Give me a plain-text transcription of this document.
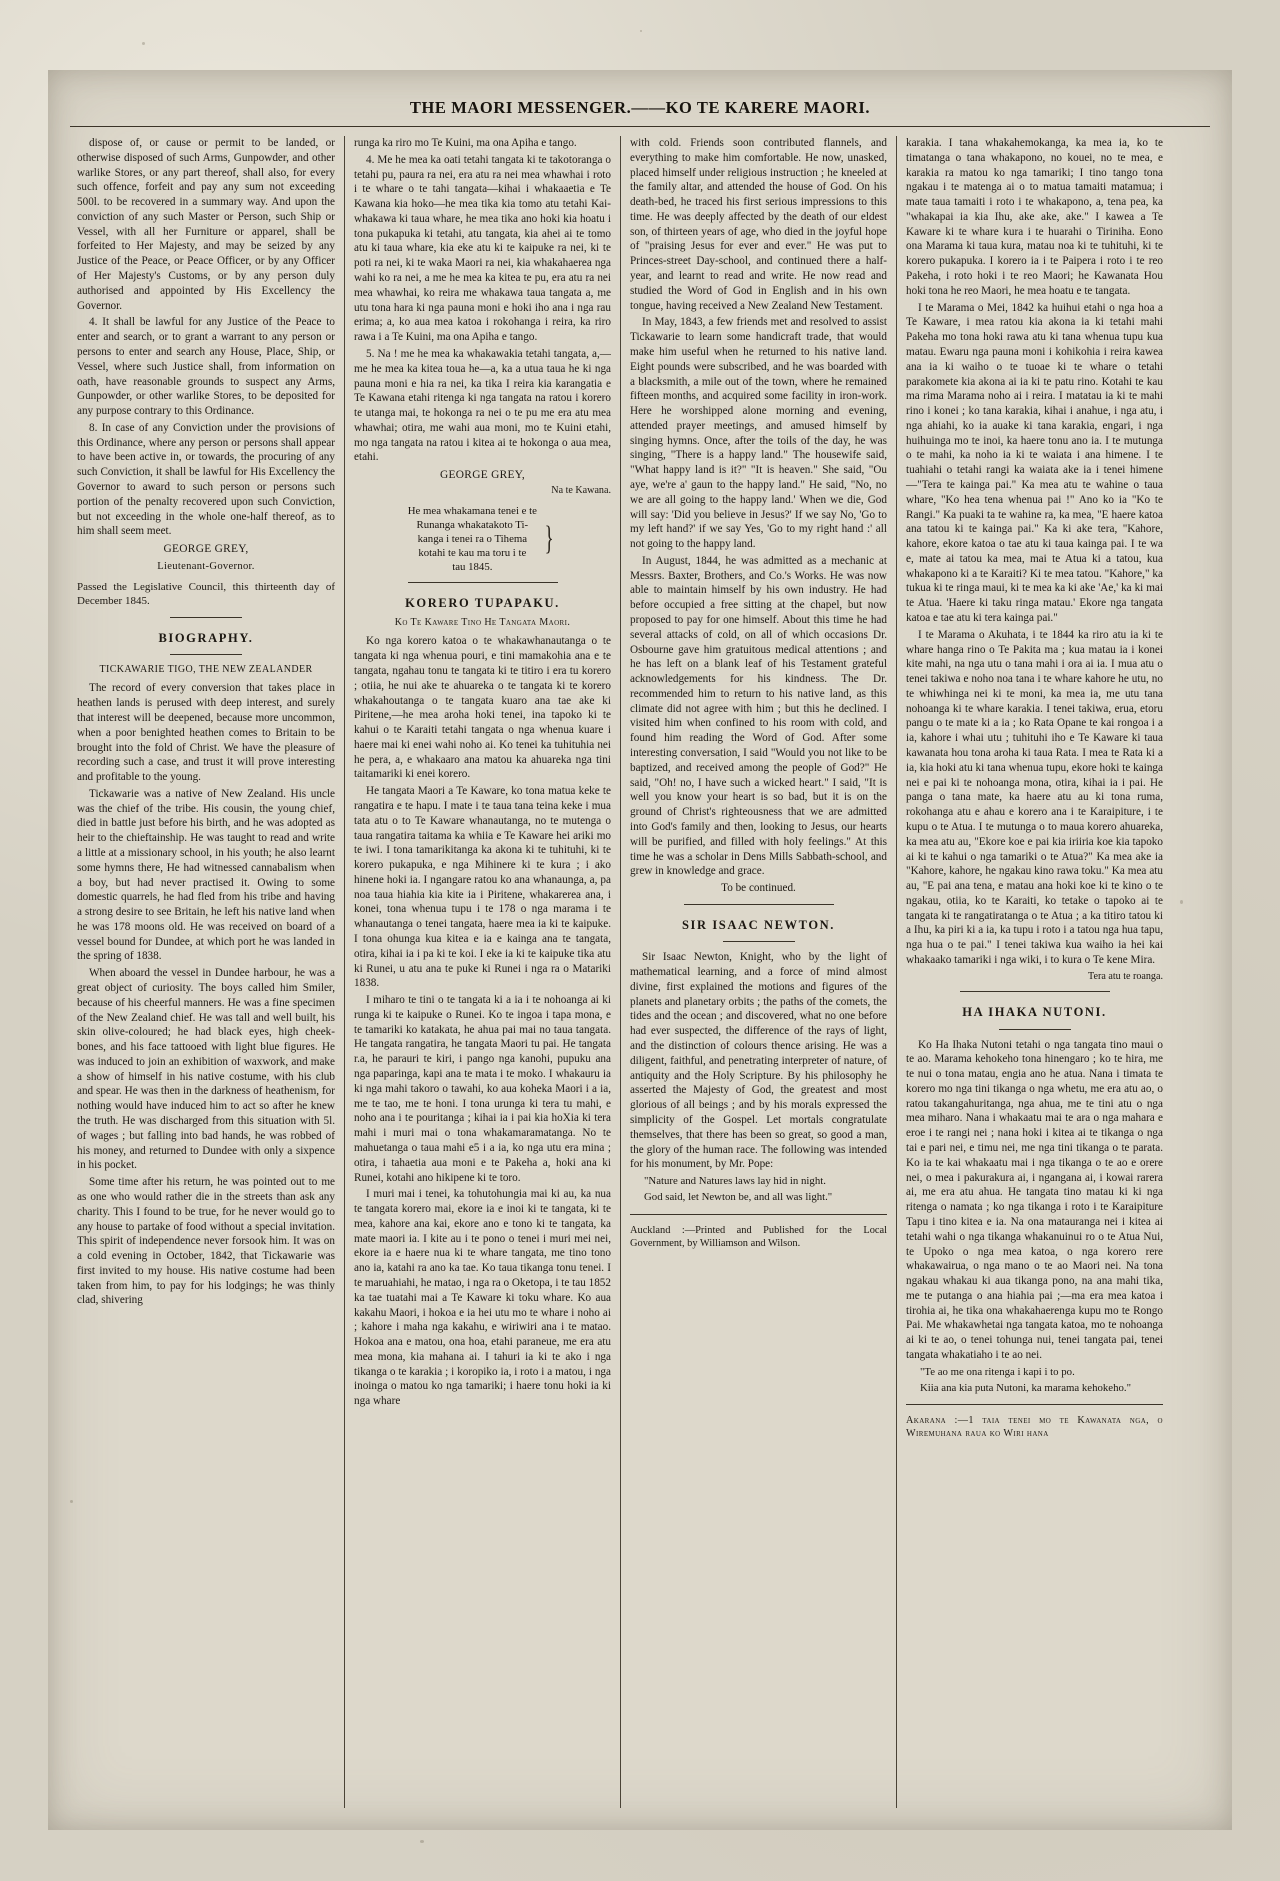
THE MAORI MESSENGER.——KO TE KARERE MAORI.

dispose of, or cause or permit to be landed, or otherwise disposed of such Arms, Gunpowder, and other warlike Stores, or any part thereof, shall also, for every such offence, forfeit and pay any sum not exceeding 500l. to be recovered in a summary way. And upon the conviction of any such Master or Person, such Ship or Vessel, with all her Furniture or apparel, shall be forfeited to Her Majesty, and may be seized by any Justice of the Peace, or Peace Officer, or by any Officer of Her Majesty's Customs, or by any person duly authorised and appointed by His Excellency the Governor.

4. It shall be lawful for any Justice of the Peace to enter and search, or to grant a warrant to any person or persons to enter and search any House, Place, Ship, or Vessel, where such Justice shall, from information on oath, have reasonable grounds to suspect any Arms, Gunpowder, or other warlike Stores, to be deposited for any purpose contrary to this Ordinance.

8. In case of any Conviction under the provisions of this Ordinance, where any person or persons shall appear to have been active in, or towards, the procuring of any such Conviction, it shall be lawful for His Excellency the Governor to award to such person or persons such portion of the penalty recovered upon such Conviction, but not exceeding in the whole one-half thereof, as to him shall seem meet.

GEORGE GREY,

Lieutenant-Governor.

Passed the Legislative Council, this thirteenth day of December 1845.

BIOGRAPHY.

TICKAWARIE TIGO, THE NEW ZEALANDER

The record of every conversion that takes place in heathen lands is perused with deep interest, and surely that interest will be deepened, because more uncommon, when a poor benighted heathen comes to Britain to be brought into the fold of Christ. We have the pleasure of recording such a case, and trust it will prove interesting and profitable to the young.

Tickawarie was a native of New Zealand. His uncle was the chief of the tribe. His cousin, the young chief, died in battle just before his birth, and he was adopted as heir to the chieftainship. He was taught to read and write a little at a missionary school, in his youth; he also learnt some hymns there, He had witnessed cannabalism when a boy, but had never practised it. Owing to some domestic quarrels, he had fled from his tribe and having a strong desire to see Britain, he left his native land when he was 178 moons old. He was received on board of a vessel bound for Dundee, at which port he was landed in the spring of 1838.

When aboard the vessel in Dundee harbour, he was a great object of curiosity. The boys called him Smiler, because of his cheerful manners. He was a fine specimen of the New Zealand chief. He was tall and well built, his skin olive-coloured; he had black eyes, high cheek-bones, and his face tattooed with light blue figures. He was induced to join an exhibition of waxwork, and make a show of himself in his native costume, with his club and spear. He was then in the darkness of heathenism, for nothing would have induced him to act so after he knew the truth. He was discharged from this situation with 5l. of wages ; but falling into bad hands, he was robbed of his money, and returned to Dundee with only a sixpence in his pocket.

Some time after his return, he was pointed out to me as one who would rather die in the streets than ask any charity. This I found to be true, for he never would go to any house to partake of food without a special invitation. This spirit of independence never forsook him. It was on a cold evening in October, 1842, that Tickawarie was first invited to my house. His native costume had been taken from him, to pay for his lodgings; he was thinly clad, shivering

runga ka riro mo Te Kuini, ma ona Apiha e tango.

4. Me he mea ka oati tetahi tangata ki te takotoranga o tetahi pu, paura ra nei, era atu ra nei mea whawhai i roto i te whare o te tahi tangata—kihai i whakaaetia e Te Kawana kia hoko—he mea tika kia tomo atu tetahi Kai-whakawa ki taua whare, he mea tika ano hoki kia hoatu i tona pukapuka ki tetahi, atu tangata, kia ahei ai te tomo atu ki taua whare, kia eke atu ki te kaipuke ra nei, ki te poti ra nei, ki te waka Maori ra nei, kia whakahaerea nga wahi ko ra nei, a me he mea ka kitea te pu, era atu ra nei mea whawhai, ko reira me whakawa taua tangata a, me utu tona hara ki nga pauna moni e hoki iho ana i nga rau erima; a, ko aua mea katoa i rokohanga i reira, ka riro rawa i a Te Kuini, ma ona Apiha e tango.

5. Na ! me he mea ka whakawakia tetahi tangata, a,—me he mea ka kitea toua he—a, ka a utua taua he ki nga pauna moni e hia ra nei, ka tika I reira kia karangatia e Te Kawana etahi ritenga ki nga tangata na ratou i korero te utanga mai, te hokonga ra nei o te pu me era atu mea whawhai; otira, me wahi aua moni, mo te Kuini etahi, mo nga tangata na ratou i kitea ai te hokonga o aua mea, etahi.

GEORGE GREY,

Na te Kawana.

He mea whakamana tenei e te
Runanga whakatakoto Ti-
kanga i tenei ra o Tihema
kotahi te kau ma toru i te
tau 1845.
}

KORERO TUPAPAKU.

Ko Te Kaware Tino He Tangata Maori.

Ko nga korero katoa o te whakawhanautanga o te tangata ki nga whenua pouri, e tini mamakohia ana e te tangata, ngahau tonu te tangata ki te titiro i era tu korero ; otiia, he nui ake te ahuareka o te tangata ki te korero whakahoutanga o te tangata kuaro ana tae ake ki Piritene,—he mea aroha hoki tenei, ina tapoko ki te kahui o te Karaiti tetahi tangata o nga whenua kuare i haere mai ki enei wahi noho ai. Ko tenei ka tuhituhia nei he pera, a, e whakaaro ana matou ka ahuareka nga tini taitamariki ki enei korero.

He tangata Maori a Te Kaware, ko tona matua keke te rangatira e te hapu. I mate i te taua tana teina keke i mua tata atu o to Te Kaware whanautanga, no te mutenga o taua rangatira taitama ka whiia e Te Kaware hei ariki mo te iwi. I tona tamarikitanga ka akona ki te tuhituhi, ki te korero pukapuka, e nga Mihinere ki te kura ; i ako hinene hoki ia. I ngangare ratou ko ana whanaunga, a, pa noa taua hiahia kia kite ia i Piritene, whakarerea ana, i konei, tona whenua tupu i te 178 o nga marama i te whanautanga o tenei tangata, haere mea ia ki te kaipuke. I tona ohunga kua kitea e ia e kainga ana te tangata, otira, kihai ia i pa ki te koi. I eke ia ki te kaipuke tika atu ki Runei, u atu ana te puke ki Runei i nga ra o Matariki 1838.

I miharo te tini o te tangata ki a ia i te nohoanga ai ki runga ki te kaipuke o Runei. Ko te ingoa i tapa mona, e te tamariki ko katakata, he ahua pai mai no taua tangata. He tangata rangatira, he tangata Maori tu pai. He tangata r.a, he parauri te kiri, i pango nga kanohi, pupuku ana nga paparinga, kapi ana te mata i te moko. I whakauru ia ki nga mahi takoro o tawahi, ko aua koheka Maori i a ia, me te tao, me te honi. I tona urunga ki tera tu mahi, e noho ana i te pouritanga ; kihai ia i pai kia hoXia ki tera mahi i muri mai o tona whakamaramatanga. No te mahuetanga o taua mahi e5 i a ia, ko nga utu era mina ; otira, i tahaetia aua moni e te Pakeha a, hoki ana ki Runei, kotahi ano hikipene ki te toro.

I muri mai i tenei, ka tohutohungia mai ki au, ka nua te tangata korero mai, ekore ia e inoi ki te tangata, ki te mea, kahore ana kai, ekore ano e tono ki te tangata, ka mate maori ia. I kite au i te pono o tenei i muri mei nei, ekore ia e haere nua ki te whare tangata, me tino tono ano ia, katahi ra ano ka tae. Ko taua tikanga tonu tenei. I te maruahiahi, he matao, i nga ra o Oketopa, i te tau 1852 ka tae tuatahi mai a Te Kaware ki toku whare. Ko aua kakahu Maori, i hokoa e ia hei utu mo te whare i noho ai ; kahore i maha nga kakahu, e wiriwiri ana i te matao. Hokoa ana e matou, ona hoa, etahi paraneue, me era atu mea mona, kia mahana ai. I tahuri ia ki te ako i nga tikanga o te karakia ; i koropiko ia, i roto i a matou, i nga inoinga o matou ko nga tamariki; i haere tonu hoki ia ki nga whare

with cold. Friends soon contributed flannels, and everything to make him comfortable. He now, unasked, placed himself under religious instruction ; he kneeled at the family altar, and attended the house of God. On his death-bed, he traced his first serious impressions to this time. He was deeply affected by the death of our eldest son, of thirteen years of age, who died in the joyful hope of "praising Jesus for ever and ever." He was put to Princes-street Day-school, and continued there a half-year, and learnt to read and write. He now read and studied the Word of God in English and in his own tongue, having received a New Zealand New Testament.

In May, 1843, a few friends met and resolved to assist Tickawarie to learn some handicraft trade, that would make him useful when he returned to his native land. Eight pounds were subscribed, and he was boarded with a blacksmith, a mile out of the town, where he remained fifteen months, and acquired some facility in iron-work. Here he worshipped alone morning and evening, attended prayer meetings, and amused himself by singing hymns. Once, after the toils of the day, he was singing, "There is a happy land." The housewife said, "What happy land is it?" "It is heaven." She said, "Ou aye, we're a' gaun to the happy land." He said, "No, no we are all going to the happy land.' When we die, God will say: 'Did you believe in Jesus?' If we say No, 'Go to my left hand?' if we say Yes, 'Go to my right hand :' all not going to the happy land.

In August, 1844, he was admitted as a mechanic at Messrs. Baxter, Brothers, and Co.'s Works. He was now able to maintain himself by his own industry. He had before occupied a free sitting at the chapel, but now proposed to pay for one himself. About this time he had several attacks of cold, on all of which occasions Dr. Osbourne gave him gratuitous medical attentions ; and he has left on a blank leaf of his Testament grateful acknowledgements for his kindness. The Dr. recommended him to return to his native land, as this climate did not agree with him ; but this he declined. I visited him when confined to his room with cold, and found him reading the Word of God. After some interesting conversation, I said "Would you not like to be baptized, and received among the people of God?" He said, "Oh! no, I have such a wicked heart." I said, "It is well you know your heart is so bad, but it is on the ground of Christ's righteousness that we are admitted into God's family and then, looking to Jesus, our hearts will be purified, and filled with holy feelings." At this time he was a scholar in Dens Mills Sabbath-school, and grew in knowledge and grace.

To be continued.

SIR ISAAC NEWTON.

Sir Isaac Newton, Knight, who by the light of mathematical learning, and a force of mind almost divine, first explained the motions and figures of the planets and planetary orbits ; the paths of the comets, the tides and the ocean ; and discovered, what no one before had ever suspected, the difference of the rays of light, and the distinction of colours thence arising. He was a diligent, faithful, and penetrating interpreter of nature, of antiquity and the Holy Scripture. By his philosophy he asserted the Majesty of God, the greatest and most glorious of all beings ; and by his morals expressed the simplicity of the Gospel. Let mortals congratulate themselves, that there has been so great, so good a man, the glory of the human race. The following was intended for his monument, by Mr. Pope:

"Nature and Natures laws lay hid in night.

God said, let Newton be, and all was light."

Auckland :—Printed and Published for the Local Government, by Williamson and Wilson.

karakia. I tana whakahemokanga, ka mea ia, ko te timatanga o tana whakapono, no kouei, no te mea, e karakia ra matou ko nga tamariki; I tino tango tona ngakau i te matenga ai o to matua tamaiti matamua; i mate taua tamaiti i roto i te whakapono, a, tena pea, ka "whakapai ia kia Ihu, ake ake, ake." I kawea a Te Kaware ki te whare kura i te huarahi o Tiriniha. Eono ona Marama ki taua kura, matau noa ki te tuhituhi, ki te korero pukapuka. I korero ia i te Paipera i roto i te reo Pakeha, i roto hoki i te reo Maori; he Kawanata Hou hoki tona he reo Maori, he mea hoatu e te tangata.

I te Marama o Mei, 1842 ka huihui etahi o nga hoa a Te Kaware, i mea ratou kia akona ia ki tetahi mahi Pakeha mo tona hoki rawa atu ki tana whenua tupu kua matau. Ewaru nga pauna moni i kohikohia i reira kawea ana ia ki waiho o te tuoae ki te whare o tetahi parakomete kia akona ai ia ki te patu rino. Kotahi te kau ma rima Marama noho ai i reira. I matatau ia ki te mahi rino i konei ; ko tana karakia, kihai i anahue, i nga atu, i nga ahiahi, ko ia auake ki tana karakia, engari, i nga huihuinga mo te inoi, ka haere tonu ano ia. I te mutunga o te mahi, ka noho ia ki te waiata i ana himene. I te tuahiahi o tetahi rangi ka waiata ake ia i tenei himene—"Tera te kainga pai." Ka mea atu te wahine o taua whare, "Ko hea tena whenua pai !" Ano ko ia "Ko te Rangi." Ka puaki ta te wahine ra, ka mea, "E haere katoa ana tatou ki te kainga pai." Ka ki ake tera, "Kahore, kahore, ekore katoa o tae atu ki taua kainga pai. I te wa e, mate ai tatou ka mea, mai te Atua ki a tatou, kua whakapono ki a te Karaiti? Ki te mea tatou. "Kahore," ka tukua ki te ringa maui, ki te mea ka ki ake 'Ae,' ka ki mai te Atua. 'Haere ki taku ringa matau.' Ekore nga tangata katoa e tae atu ki tera kainga pai."

I te Marama o Akuhata, i te 1844 ka riro atu ia ki te whare hanga rino o Te Pakita ma ; kua matau ia i konei kite mahi, na nga utu o tana mahi i ora ai ia. I mua atu o tenei takiwa e noho noa tana i te whare kahore he utu, no te whiwhinga nei ki te moni, ka mea ia, me utu tana nohoanga ki te whare karakia. I tenei takiwa, erua, etoru pangu o te mate ki a ia ; ko Rata Opane te kai rongoa i a ia, kahore i whai utu ; tuhituhi iho e Te Kaware ki taua kawanata hou tona aroha ki taua Rata. I mea te Rata ki a ia, kia hoki atu ki tana whenua tupu, ekore hoki te kainga nei e pai ki te nohoanga mona, otira, kihai ia i pai. He panga o tana mate, ka haere atu au ki tona ruma, rokohanga atu e ahau e korero ana i te Karaipiture, i te kupu o te Atua. I te mutunga o to maua korero ahuareka, ka mea atu au, "Ekore koe e pai kia iriiria koe kia tapoko ai ki te kahui o nga tamariki o te Atua?" Ka mea ake ia "Kahore, kahore, he ngakau kino rawa toku." Ka mea atu au, "E pai ana tena, e matau ana hoki koe ki te kino o te ngakau, otiia, ko te Karaiti, ko tetake o tapoko ai te tangata ki te rangatiratanga o te Atua ; a ka titiro tatou ki a Ihu, ka piri ki a ia, ka tupu i roto i a tatou nga hua tapu, nga hua o te pai." I tenei takiwa kua waiho ia hei kai whakaako tamariki i nga wiki, i to kura o Te kene Mira.

Tera atu te roanga.

HA IHAKA NUTONI.

Ko Ha Ihaka Nutoni tetahi o nga tangata tino maui o te ao. Marama kehokeho tona hinengaro ; ko te hira, me te nui o tona matau, engia ano he atua. Nana i timata te korero mo nga tini tikanga o nga whetu, me era atu ao, o ratou takangahuritanga, nga ahua, me te tini atu o nga mea miharo. Nana i whakaatu mai te ara o nga mahara e eroe i te rangi nei ; nana hoki i kitea ai te tikanga o nga tai e pari nei, e timu nei, me nga tini tikanga o te parata. Ko ia te kai whakaatu mai i nga tikanga o te ao e orere nei, o mea i pakurakura ai, i ngangana ai, i kowai rarera ai, me era atu ahua. He tangata tino matau ki ki nga ritenga o namata ; ko nga tikanga i roto i te Karaipiture Tapu i tino kitea e ia. Na ona matauranga nei i kitea ai tetahi wahi o nga tikanga whakanuinui ro o te Atua Nui, te Upoko o nga mea katoa, o nga korero rere whakawairua, o nga mano o te ao Maori nei. Na tona ngakau whakau ki aua tikanga pono, na ana mahi tika, me te putanga o ana hiahia pai ;—ma era mea katoa i tirohia ai, he tika ona whakahaerenga kupu mo te Rongo Pai. Me whakawhetai nga tangata katoa, mo te nohoanga ai ki te ao, o tenei tohunga nui, tenei tangata pai, tenei tangata whakatiaho i te ao nei.

"Te ao me ona ritenga i kapi i to po.

Kiia ana kia puta Nutoni, ka marama kehokeho."

Akarana :—1 taia tenei mo te Kawanata nga, o Wiremuhana raua ko Wiri hana
